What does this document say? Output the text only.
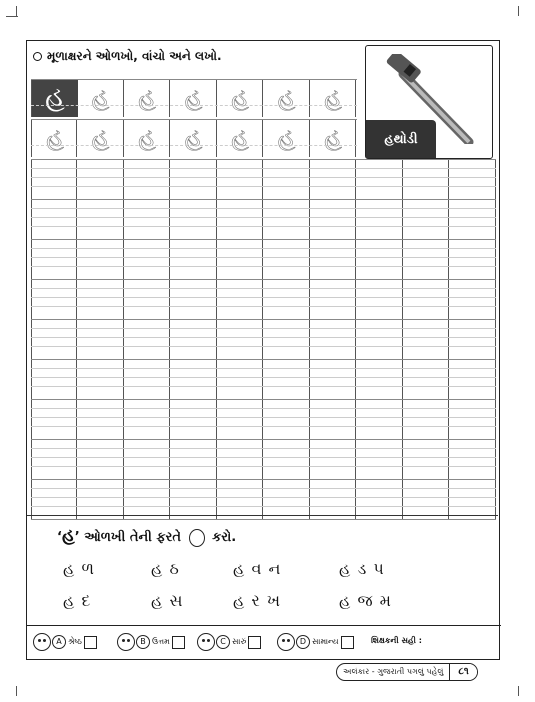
મૂળાક્ષરને ઓળખો, વાંચો અને લખો.
હથોડી
હ	હ	હ	હ	હ	હ	હ
હ	હ	હ	હ	હ	હ	હ
‘હ’ ઓળખી તેની ફરતે કરો.
હ ળ	હ ઠ	હ વ ન	હ ડ પ
હ દ	હ સ	હ ર ખ	હ જ મ
A શ્રેષ્ઠ	B ઉત્તમ	C સારું	D સામાન્ય	શિક્ષકની સહી :
અલંકાર - ગુજરાતી પગલું પહેલું	૮૧
